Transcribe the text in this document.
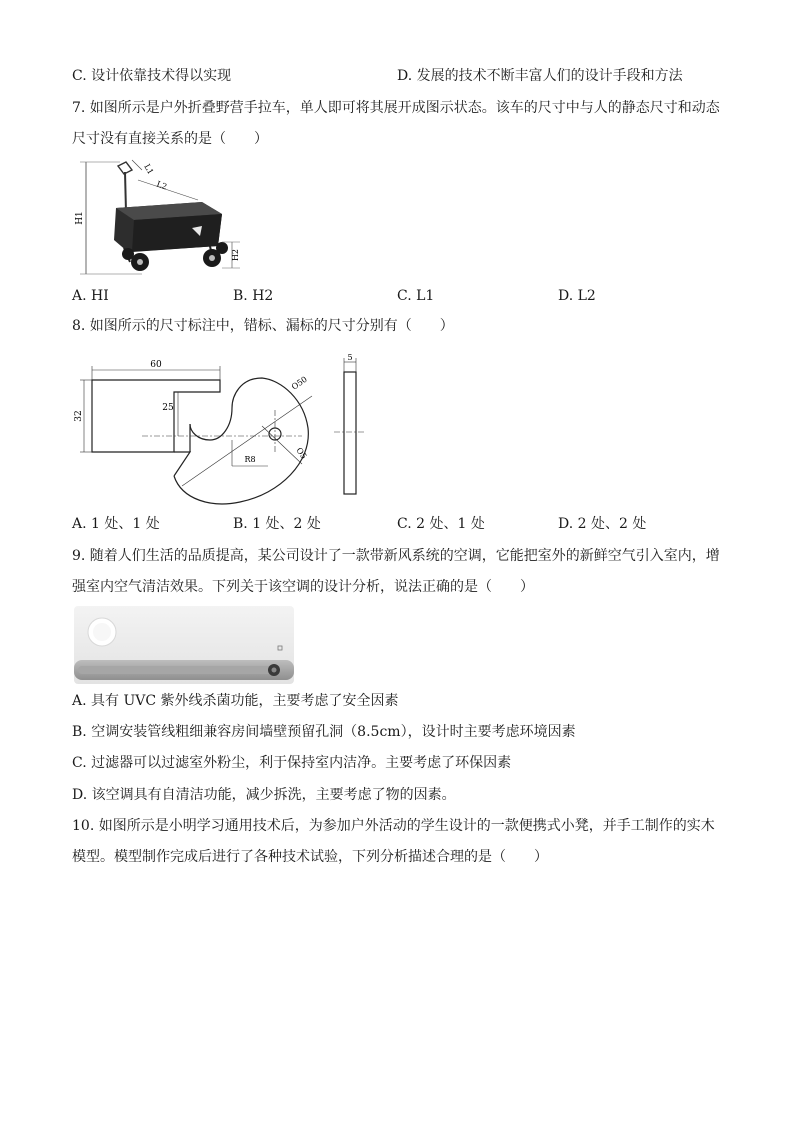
C. 设计依靠技术得以实现	D. 发展的技术不断丰富人们的设计手段和方法
7. 如图所示是户外折叠野营手拉车，单人即可将其展开成图示状态。该车的尺寸中与人的静态尺寸和动态
尺寸没有直接关系的是（　　）
H1
L1
L2
H2
A. HI	B. H2	C. L1	D. L2
8. 如图所示的尺寸标注中，错标、漏标的尺寸分别有（　　）
60
32
25
O50
O5
R8
5
A. 1 处、1 处	B. 1 处、2 处	C. 2 处、1 处	D. 2 处、2 处
9. 随着人们生活的品质提高，某公司设计了一款带新风系统的空调，它能把室外的新鲜空气引入室内，增
强室内空气清洁效果。下列关于该空调的设计分析，说法正确的是（　　）
A. 具有 UVC 紫外线杀菌功能，主要考虑了安全因素
B. 空调安装管线粗细兼容房间墙壁预留孔洞（8.5cm），设计时主要考虑环境因素
C. 过滤器可以过滤室外粉尘，利于保持室内洁净。主要考虑了环保因素
D. 该空调具有自清洁功能，减少拆洗，主要考虑了物的因素。
10. 如图所示是小明学习通用技术后，为参加户外活动的学生设计的一款便携式小凳，并手工制作的实木
模型。模型制作完成后进行了各种技术试验，下列分析描述合理的是（　　）
